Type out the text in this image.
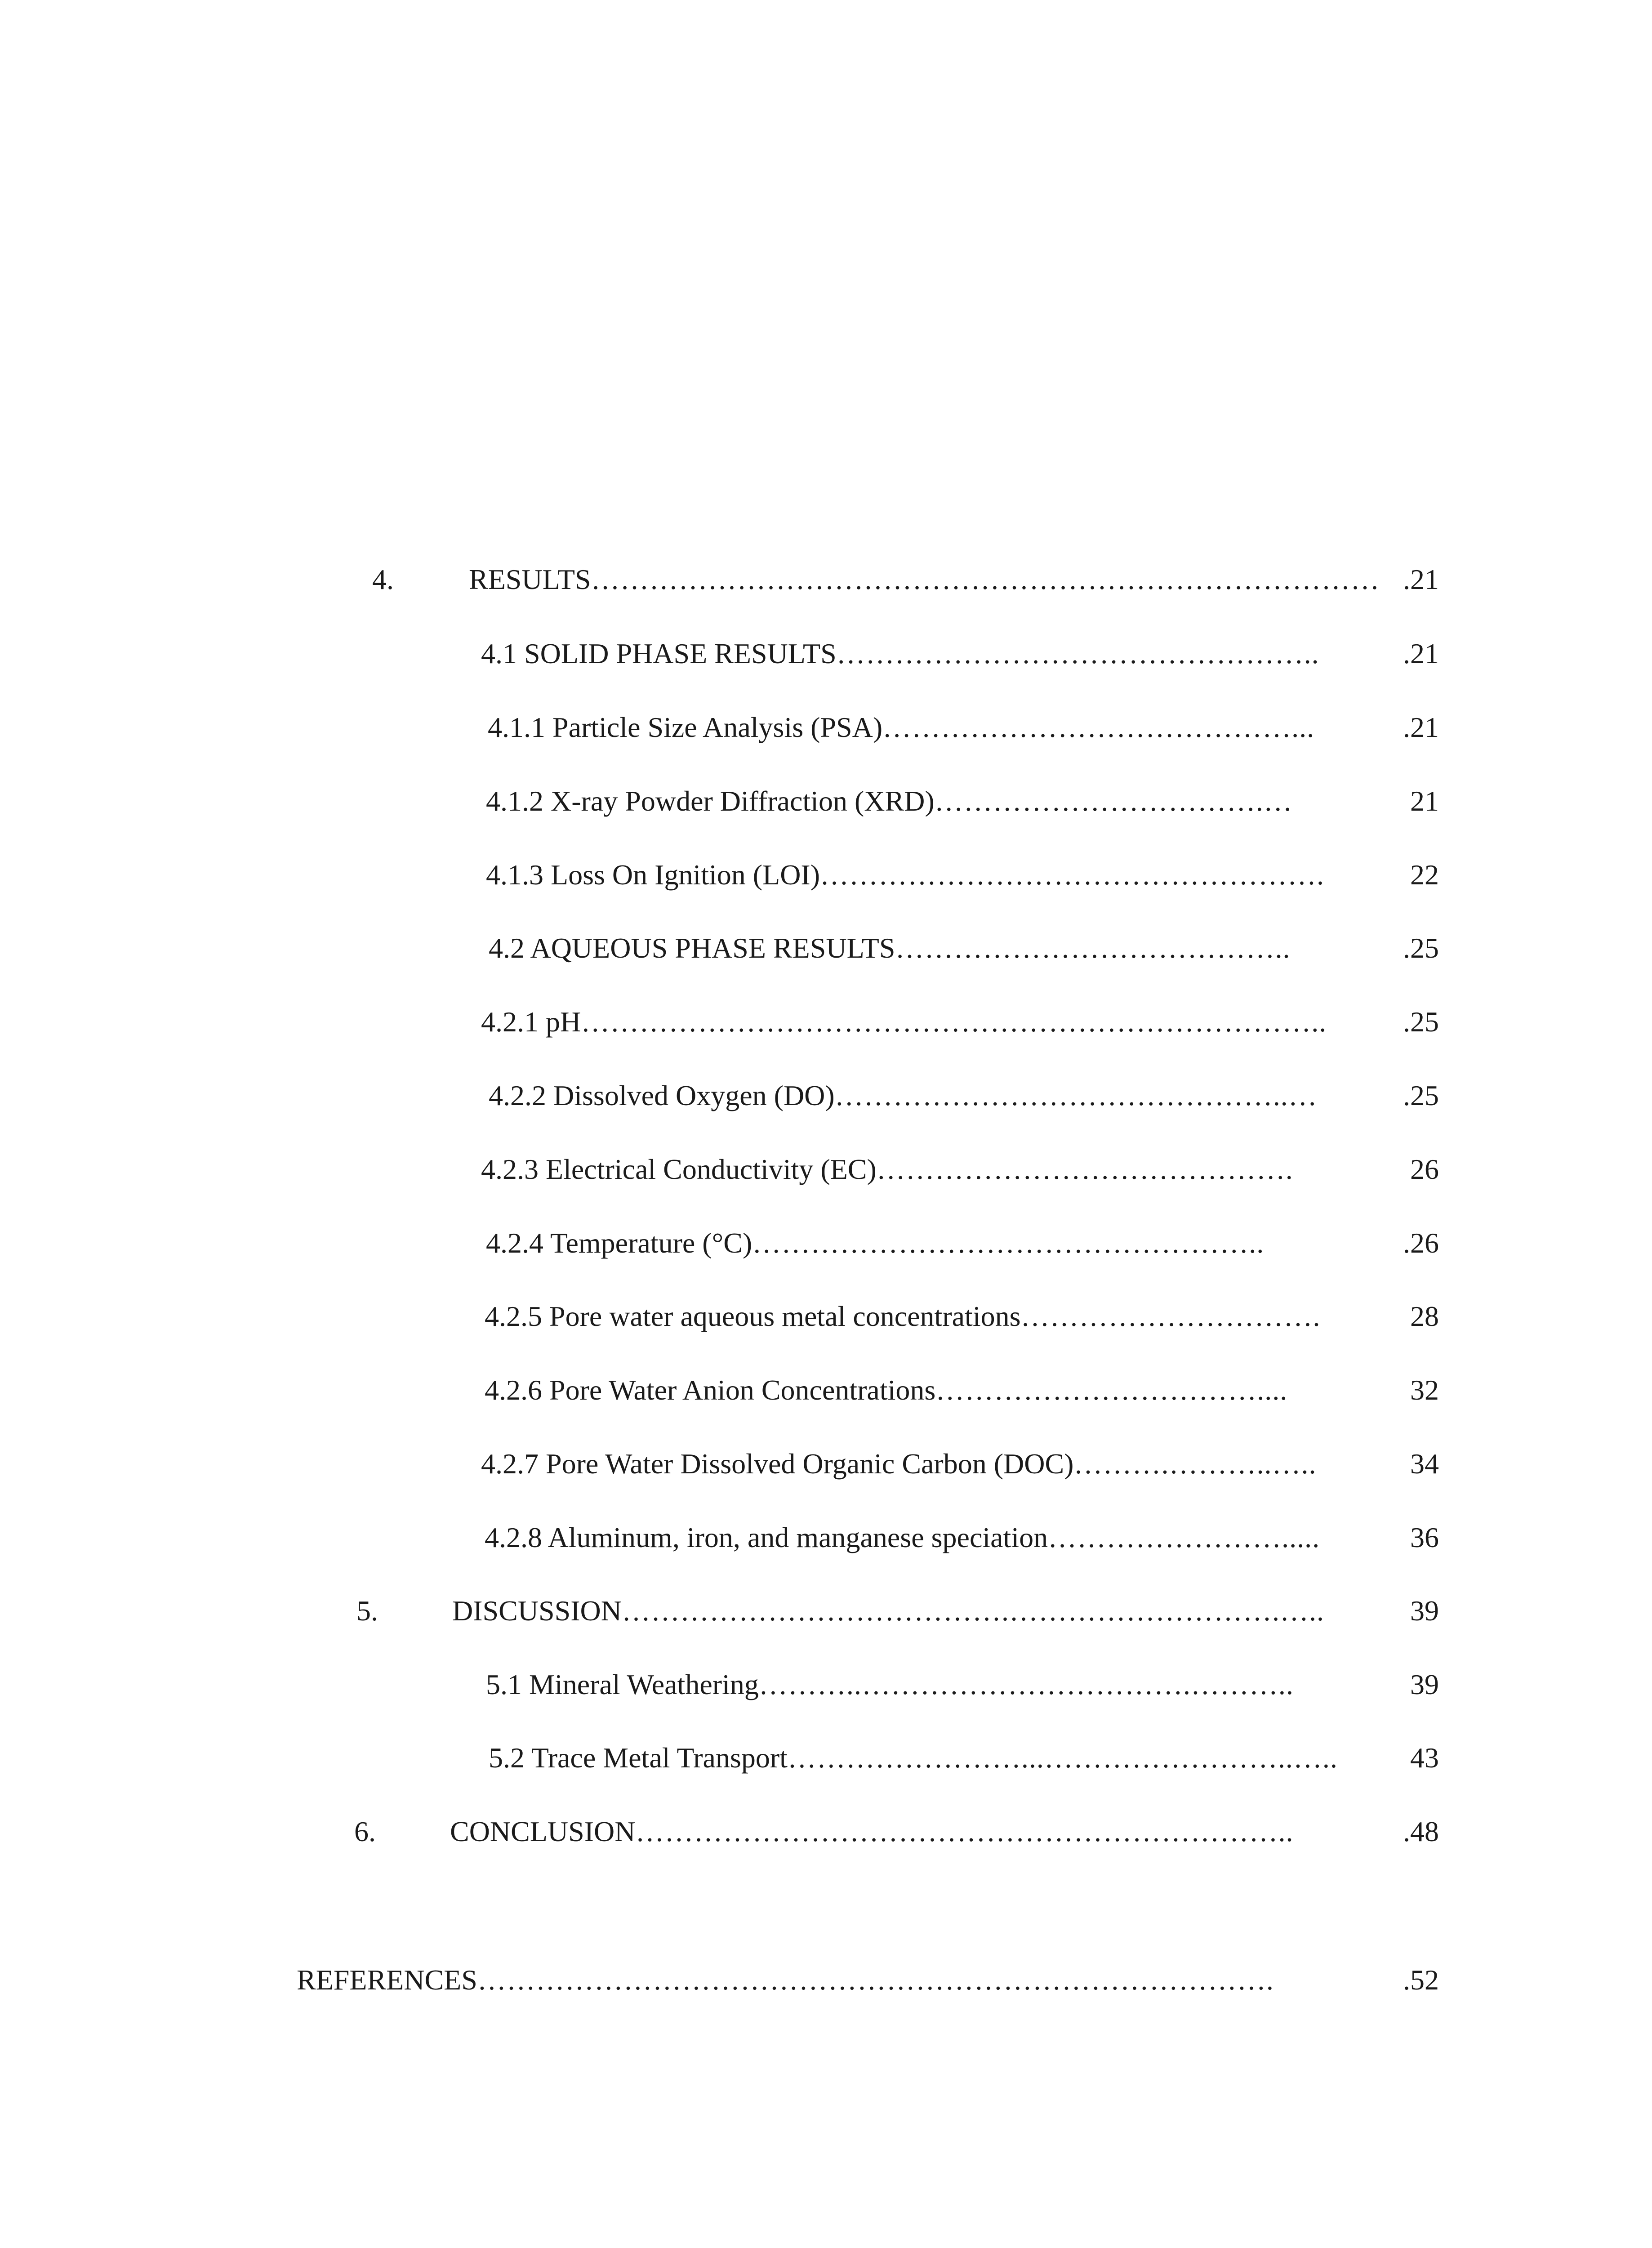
4.	RESULTS ……………………………………………………………………… .21
4.1 SOLID PHASE RESULTS …………………………………………..	.21
4.1.1 Particle Size Analysis (PSA) ……………………………………...	.21
4.1.2 X-ray Powder Diffraction (XRD) …………………………….…	21
4.1.3 Loss On Ignition (LOI) …………………………………………….	22
4.2 AQUEOUS PHASE RESULTS …………………………………..	.25
4.2.1 pH …………………………………………………………………..	.25
4.2.2 Dissolved Oxygen (DO) ………………………………………..…	.25
4.2.3 Electrical Conductivity (EC) …………………………………….	26
4.2.4 Temperature (°C) ……………………………………………..	.26
4.2.5 Pore water aqueous metal concentrations ………………………….	28
4.2.6 Pore Water Anion Concentrations ……………………………....	32
4.2.7 Pore Water Dissolved Organic Carbon (DOC) ……….………..…..	34
4.2.8 Aluminum, iron, and manganese speciation …………………….....	36
5.	DISCUSSION ………………………………….……………………….…..	39
5.1 Mineral Weathering ………..…………………………….………..	39
5.2 Trace Metal Transport ……………………...……………………..…..	43
6.	CONCLUSION …………………………………………………………..	.48
REFERENCES ……………………………………………………………………….	.52
